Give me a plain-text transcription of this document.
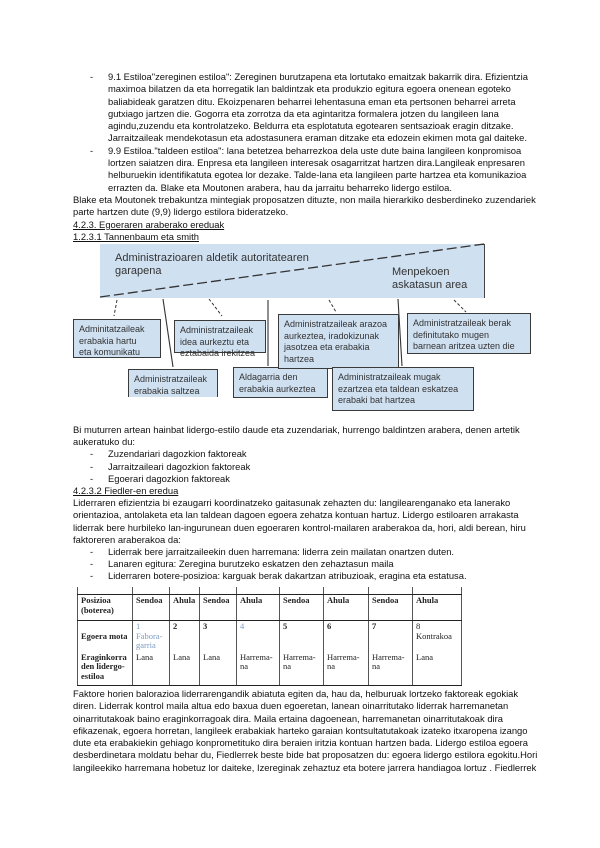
- 9.1 Estiloa"zereginen estiloa": Zereginen burutzapena eta lortutako emaitzak bakarrik dira. Efizientzia
maximoa bilatzen da eta horregatik lan baldintzak eta produkzio egitura egoera onenean egoteko
baliabideak garatzen ditu. Ekoizpenaren beharrei lehentasuna eman eta pertsonen beharrei arreta
gutxiago jartzen die. Gogorra eta zorrotza da eta agintaritza formalera jotzen du langileen lana
agindu,zuzendu eta kontrolatzeko. Beldurra eta esplotatuta egotearen sentsazioak eragin ditzake.
Jarraitzaileak mendekotasun eta adostasunera eraman ditzake eta edozein ekimen mota gal daiteke.
- 9.9 Estiloa."taldeen estiloa": lana betetzea beharrezkoa dela uste dute baina langileen konpromisoa
lortzen saiatzen dira. Enpresa eta langileen interesak osagarritzat hartzen dira.Langileak enpresaren
helburuekin identifikatuta egotea lor dezake. Talde-lana eta langileen parte hartzea eta komunikazioa
errazten da. Blake eta Moutonen arabera, hau da jarraitu beharreko lidergo estiloa.
Blake eta Moutonek trebakuntza mintegiak proposatzen dituzte, non maila hierarkiko desberdineko zuzendariek
parte hartzen dute (9,9) lidergo estilora bideratzeko.
4.2.3. Egoeraren araberako ereduak
1.2.3.1 Tannenbaum eta smith
Administrazioaren aldetik autoritatearen
garapena	Menpekoen
askatasun area
Adminitatzaileak
erabakia hartu
eta komunikatu
Administratzaileak
erabakia saltzea
Administratzaileak
idea aurkeztu eta
eztabaida irekitzea
Aldagarria den
erabakia aurkeztea
Administratzaileak arazoa
aurkeztea, iradokizunak
jasotzea eta erabakia
hartzea
Administratzaileak mugak
ezartzea eta taldean eskatzea
erabaki bat hartzea
Administratzaileak berak
definitutako mugen
barnean aritzea uzten die
Bi muturren artean hainbat lidergo-estilo daude eta zuzendariak, hurrengo baldintzen arabera, denen artetik
aukeratuko du:
- Zuzendariari dagozkion faktoreak
- Jarraitzaileari dagozkion faktoreak
- Egoerari dagozkion faktoreak
4.2.3.2 Fiedler-en eredua
Liderraren efizientzia bi ezaugarri koordinatzeko gaitasunak zehazten du: langilearenganako eta lanerako
orientazioa, antolaketa eta lan taldean dagoen egoera zehatza kontuan hartuz. Lidergo estiloaren arrakasta
liderrak bere hurbileko lan-ingurunean duen egoeraren kontrol-mailaren araberakoa da, hori, aldi berean, hiru
faktoreren araberakoa da:
- Liderrak bere jarraitzaileekin duen harremana: liderra zein mailatan onartzen duten.
- Lanaren egitura: Zeregina burutzeko eskatzen den zehaztasun maila
- Liderraren botere-posizioa: karguak berak dakartzan atribuzioak, eragina eta estatusa.

Posizioa (boterea)	Sendoa	Ahula	Sendoa	Ahula	Sendoa	Ahula	Sendoa	Ahula
Egoera mota	1 Faborа-garria	2	3	4	5	6	7	8 Kontrakoa
Eraginkorra den lidergo-estiloa	Lana	Lana	Lana	Harrema-na	Harrema-na	Harrema-na	Harrema-na	Lana
Faktore horien balorazioa liderrarengandik abiatuta egiten da, hau da, helburuak lortzeko faktoreak egokiak
diren. Liderrak kontrol maila altua edo baxua duen egoeretan, lanean oinarritutako liderrak harremanetan
oinarritutakoak baino eraginkorragoak dira. Maila ertaina dagoenean, harremanetan oinarritutakoak dira
efikazenak, egoera horretan, langileek erabakiak harteko garaian kontsultatutakoak izateko itxaropena izango
dute eta erabakiekin gehiago konprometituko dira beraien iritzia kontuan hartzen bada. Lidergo estiloa egoera
desberdinetara moldatu behar du, Fiedlerrek beste bide bat proposatzen du: egoera lidergo estilora egokitu.Hori
langileekiko harremana hobetuz lor daiteke, Izereginak zehaztuz eta botere jarrera handiagoa lortuz . Fiedlerrek
